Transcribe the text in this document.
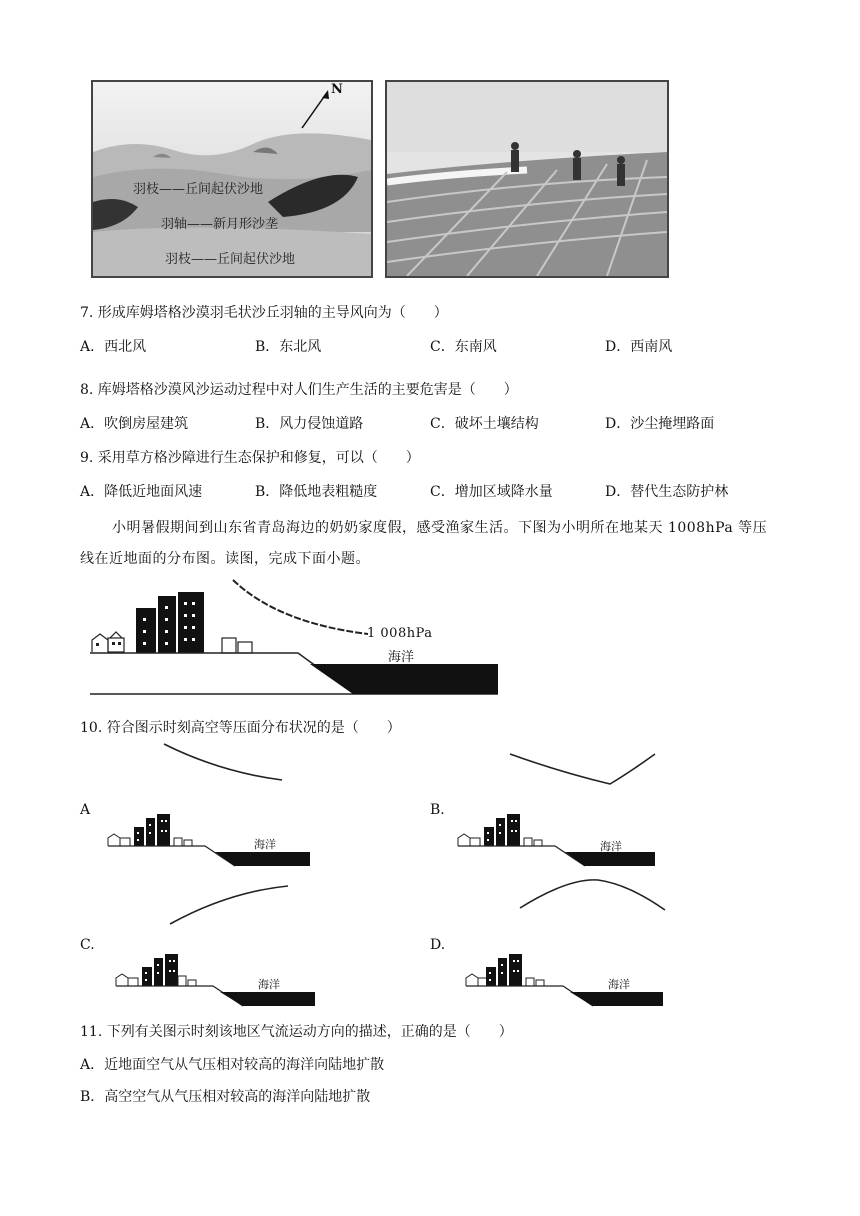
N
羽枝——丘间起伏沙地
羽轴——新月形沙垄
羽枝——丘间起伏沙地
7. 形成库姆塔格沙漠羽毛状沙丘羽轴的主导风向为（　　）
A．西北风	B．东北风	C．东南风	D．西南风
8. 库姆塔格沙漠风沙运动过程中对人们生产生活的主要危害是（　　）
A．吹倒房屋建筑	B．风力侵蚀道路	C．破坏土壤结构	D．沙尘掩埋路面
9. 采用草方格沙障进行生态保护和修复，可以（　　）
A．降低近地面风速	B．降低地表粗糙度	C．增加区域降水量	D．替代生态防护林
小明暑假期间到山东省青岛海边的奶奶家度假，感受渔家生活。下图为小明所在地某天 1008hPa 等压
线在近地面的分布图。读图，完成下面小题。
1 008hPa
海洋
10. 符合图示时刻高空等压面分布状况的是（　　）
A
海洋
B.
海洋
C.
海洋
D.
海洋
11. 下列有关图示时刻该地区气流运动方向的描述，正确的是（　　）
A．近地面空气从气压相对较高的海洋向陆地扩散
B．高空空气从气压相对较高的海洋向陆地扩散
